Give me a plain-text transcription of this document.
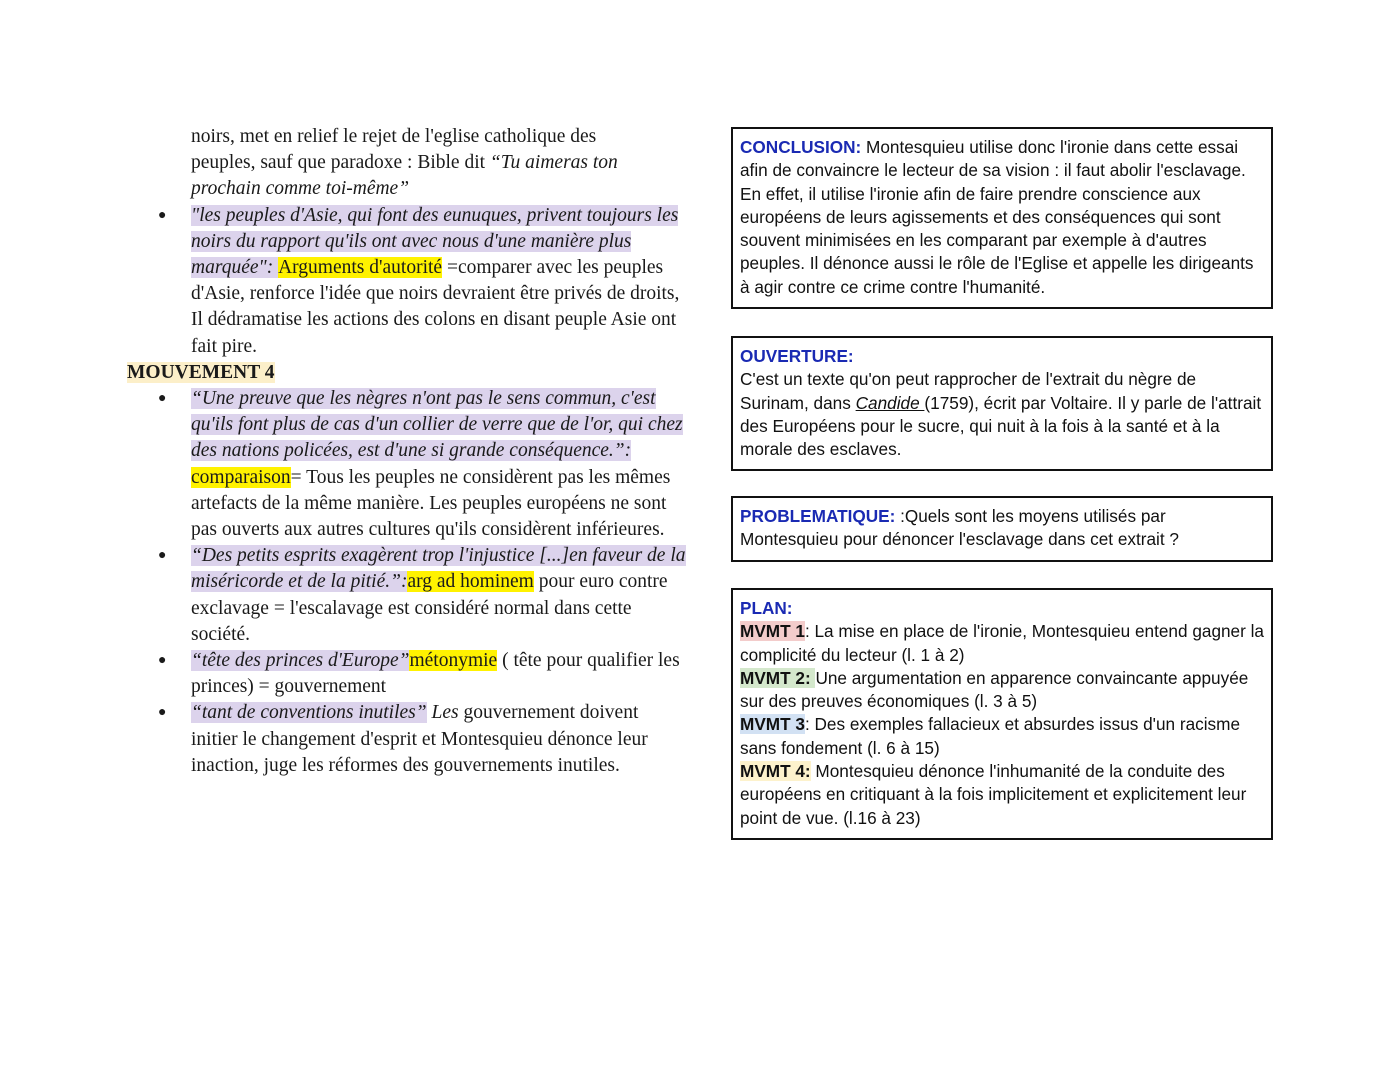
noirs, met en relief le rejet de l'eglise catholique des
peuples, sauf que paradoxe : Bible dit “Tu aimeras ton prochain comme toi-même”
● "les peuples d'Asie, qui font des eunuques, privent toujours les noirs du rapport qu'ils ont avec nous d'une manière plus marquée": Arguments d'autorité =comparer avec les peuples d'Asie, renforce l'idée que noirs devraient être privés de droits, Il dédramatise les actions des colons en disant peuple Asie ont fait pire.
MOUVEMENT 4
● “Une preuve que les nègres n'ont pas le sens commun, c'est qu'ils font plus de cas d'un collier de verre que de l'or, qui chez des nations policées, est d'une si grande conséquence.”: comparaison= Tous les peuples ne considèrent pas les mêmes artefacts de la même manière. Les peuples européens ne sont pas ouverts aux autres cultures qu'ils considèrent inférieures.
● “Des petits esprits exagèrent trop l'injustice [...]en faveur de la miséricorde et de la pitié.”:arg ad hominem pour euro contre exclavage = l'escalavage est considéré normal dans cette société.
● “tête des princes d'Europe”métonymie ( tête pour qualifier les princes) = gouvernement
● “tant de conventions inutiles” Les gouvernement doivent initier le changement d'esprit et Montesquieu dénonce leur inaction, juge les réformes des gouvernements inutiles.
CONCLUSION: Montesquieu utilise donc l'ironie dans cette essai afin de convaincre le lecteur de sa vision : il faut abolir l'esclavage. En effet, il utilise l'ironie afin de faire prendre conscience aux européens de leurs agissements et des conséquences qui sont souvent minimisées en les comparant par exemple à d'autres peuples. Il dénonce aussi le rôle de l'Eglise et appelle les dirigeants à agir contre ce crime contre l'humanité.
OUVERTURE:
C'est un texte qu'on peut rapprocher de l'extrait du nègre de Surinam, dans Candide (1759), écrit par Voltaire. Il y parle de l'attrait des Européens pour le sucre, qui nuit à la fois à la santé et à la morale des esclaves.
PROBLEMATIQUE: :Quels sont les moyens utilisés par Montesquieu pour dénoncer l'esclavage dans cet extrait ?
PLAN:
MVMT 1: La mise en place de l'ironie, Montesquieu entend gagner la complicité du lecteur (l. 1 à 2)
MVMT 2: Une argumentation en apparence convaincante appuyée sur des preuves économiques (l. 3 à 5)
MVMT 3: Des exemples fallacieux et absurdes issus d'un racisme sans fondement (l. 6 à 15)
MVMT 4: Montesquieu dénonce l'inhumanité de la conduite des européens en critiquant à la fois implicitement et explicitement leur point de vue. (l.16 à 23)
